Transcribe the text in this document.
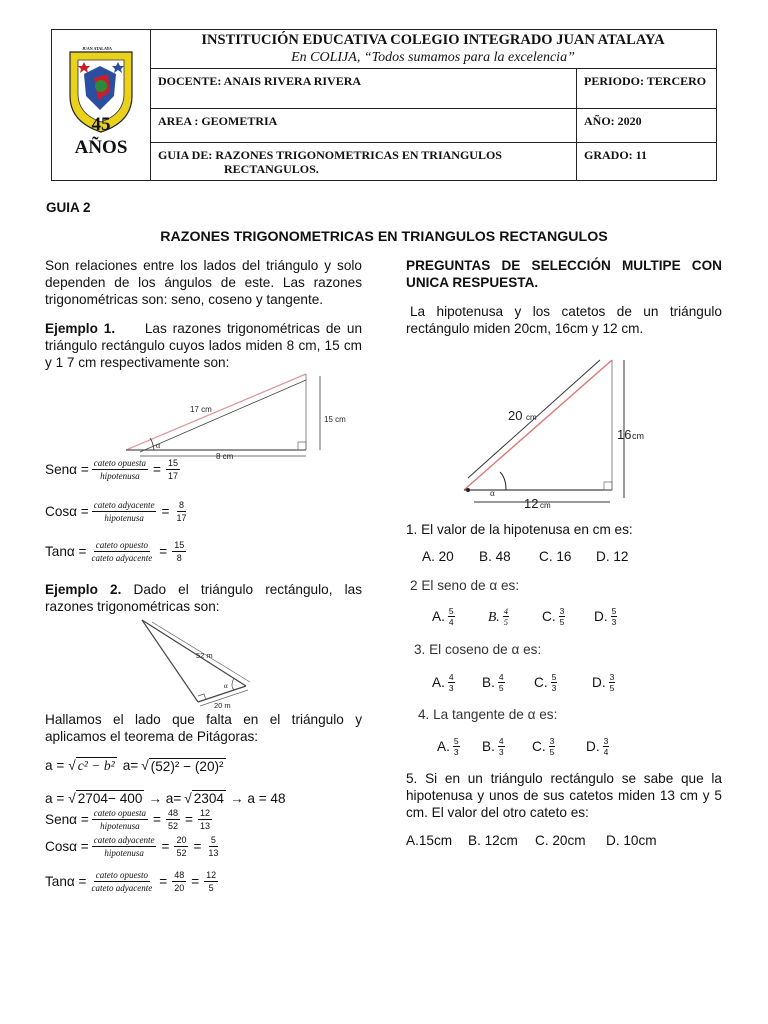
JUAN ATALAYA
45
AÑOS
INSTITUCIÓN EDUCATIVA COLEGIO INTEGRADO JUAN ATALAYA
En COLIJA, “Todos sumamos para la excelencia”
DOCENTE: ANAIS RIVERA RIVERA	PERIODO: TERCERO
AREA : GEOMETRIA	AÑO: 2020
GUIA DE: RAZONES TRIGONOMETRICAS EN TRIANGULOS
RECTANGULOS.
GRADO: 11
GUIA 2
RAZONES TRIGONOMETRICAS EN TRIANGULOS RECTANGULOS
Son relaciones entre los lados del triángulo y solo dependen de los ángulos de este. Las razones trigonométricas son: seno, coseno y tangente.
Ejemplo 1. Las razones trigonométricas de un triángulo rectángulo cuyos lados miden 8 cm, 15 cm y 1 7 cm respectivamente son:
17 cm
15 cm
8 cm
α
$Sen\alpha = \frac{\text{cateto opuesta}}{\text{hipotenusa}} = \frac{15}{17}$
$Cos\alpha = \frac{\text{cateto adyacente}}{\text{hipotenusa}} = \frac{8}{17}$
$Tan\alpha = \frac{\text{cateto opuesto}}{\text{cateto adyacente}} = \frac{15}{8}$
Ejemplo 2. Dado el triángulo rectángulo, las razones trigonométricas son:
52 m
20 m
α
Hallamos el lado que falta en el triángulo y aplicamos el teorema de Pitágoras:
a = √ c² − b² a= √ (52)² − (20)²
a = √ 2704− 400 → a= √ 2304 → a = 48
$Sen\alpha = \frac{\text{cateto opuesta}}{\text{hipotenusa}} = \frac{48}{52} = \frac{12}{13}$
$Cos\alpha = \frac{\text{cateto adyacente}}{\text{hipotenusa}} = \frac{20}{52} = \frac{5}{13}$
$Tan\alpha = \frac{\text{cateto opuesto}}{\text{cateto adyacente}} = \frac{48}{20} = \frac{12}{5}$
PREGUNTAS DE SELECCIÓN MULTIPE CON UNICA RESPUESTA.
La hipotenusa y los catetos de un triángulo rectángulo miden 20cm, 16cm y 12 cm.
20 cm
16 cm
12 cm
α
1. El valor de la hipotenusa en cm es:
A. 20	B. 48	C. 16	D. 12
2 El seno de α es:
A. $\frac{5}{4} B$. $\frac{4}{5} C$. $\frac{3}{5} D$. $\frac{5}{3}$
3. El coseno de α es:
A. $\frac{4}{3} B$. $\frac{4}{5} C$. $\frac{5}{3}$	D. $\frac{3}{5}$
4. La tangente de α es:
A. $\frac{5}{3} B$. $\frac{4}{3} C$. $\frac{3}{5} D$. $\frac{3}{4}$
5. Si en un triángulo rectángulo se sabe que la hipotenusa y unos de sus catetos miden 13 cm y 5 cm. El valor del otro cateto es:
A.15cm	B. 12cm	C. 20cm	D. 10cm
